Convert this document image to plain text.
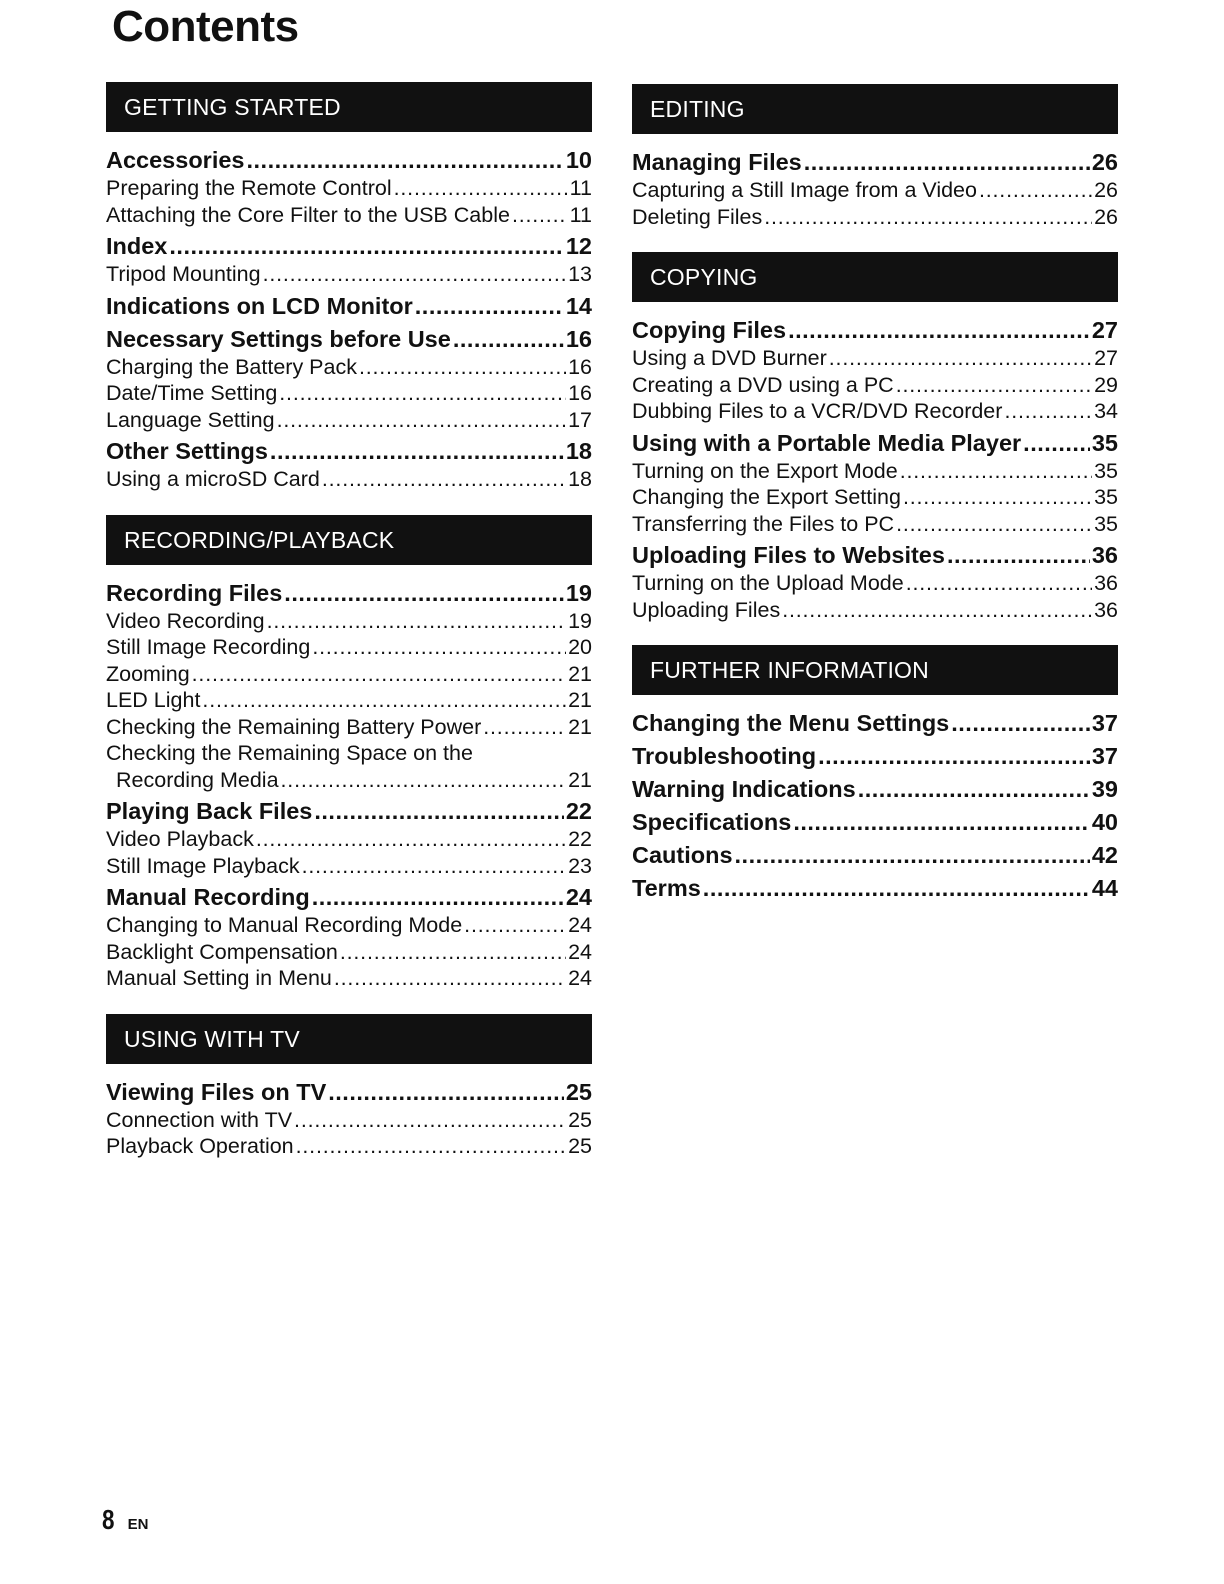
Contents
GETTING STARTED
Accessories .....	10
Preparing the Remote Control .....	11
Attaching the Core Filter to the USB Cable .....	11
Index .....	12
Tripod Mounting .....	13
Indications on LCD Monitor .....	14
Necessary Settings before Use .....	16
Charging the Battery Pack .....	16
Date/Time Setting .....	16
Language Setting .....	17
Other Settings .....	18
Using a microSD Card .....	18
RECORDING/PLAYBACK
Recording Files .....	19
Video Recording .....	19
Still Image Recording .....	20
Zooming .....	21
LED Light .....	21
Checking the Remaining Battery Power .....	21
Checking the Remaining Space on the
Recording Media .....	21
Playing Back Files .....	22
Video Playback .....	22
Still Image Playback .....	23
Manual Recording .....	24
Changing to Manual Recording Mode .....	24
Backlight Compensation .....	24
Manual Setting in Menu .....	24
USING WITH TV
Viewing Files on TV .....	25
Connection with TV .....	25
Playback Operation .....	25
EDITING
Managing Files .....	26
Capturing a Still Image from a Video .....	26
Deleting Files .....	26
COPYING
Copying Files .....	27
Using a DVD Burner .....	27
Creating a DVD using a PC .....	29
Dubbing Files to a VCR/DVD Recorder .....	34
Using with a Portable Media Player .....	35
Turning on the Export Mode .....	35
Changing the Export Setting .....	35
Transferring the Files to PC .....	35
Uploading Files to Websites .....	36
Turning on the Upload Mode .....	36
Uploading Files .....	36
FURTHER INFORMATION
Changing the Menu Settings .....	37
Troubleshooting .....	37
Warning Indications .....	39
Specifications .....	40
Cautions .....	42
Terms .....	44
8 EN
